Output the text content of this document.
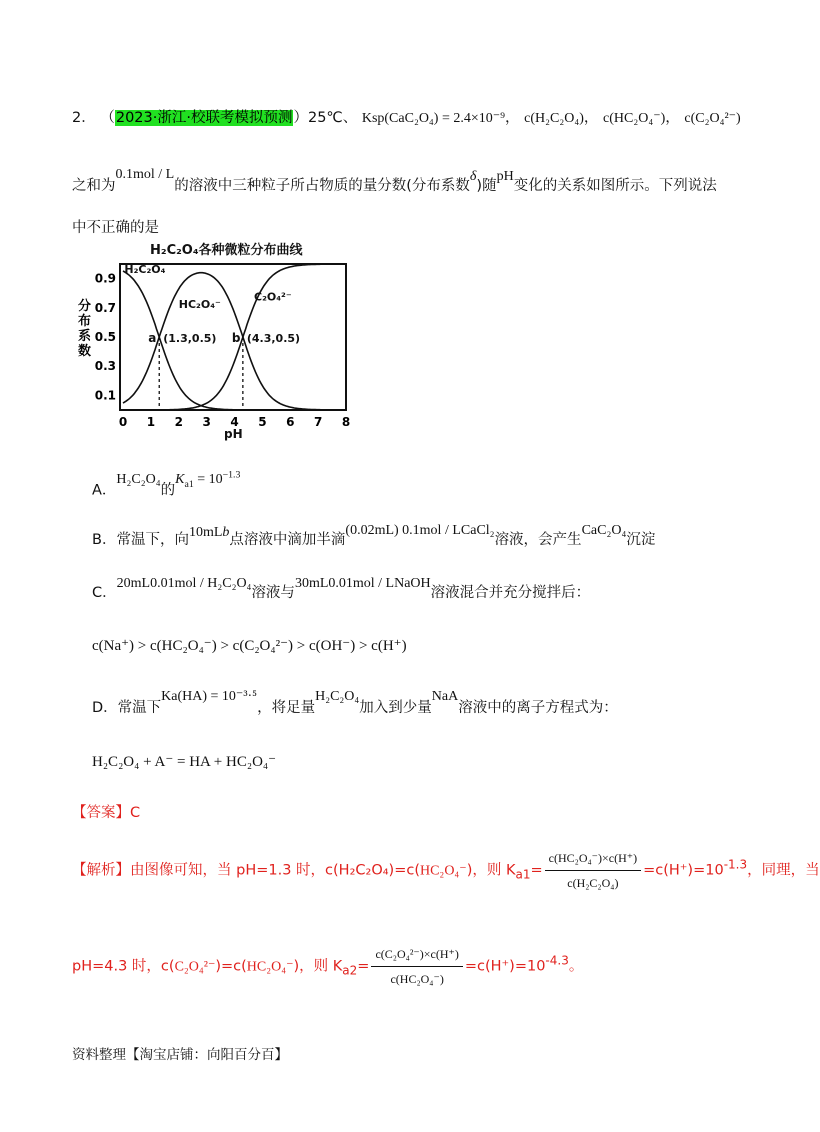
2． （2023·浙江·校联考模拟预测）25℃、 Ksp(CaC₂O₄) = 2.4×10⁻⁹， c(H₂C₂O₄)， c(HC₂O₄⁻)， c(C₂O₄²⁻)
之和为0.1mol / L的溶液中三种粒子所占物质的量分数(分布系数δ)随pH变化的关系如图所示。下列说法
中不正确的是
H₂C₂O₄各种微粒分布曲线
分
布
系
数
0.1
0.3
0.5
0.7
0.9
0 1 2 3 4 5 6 7 8
pH
H₂C₂O₄
HC₂O₄⁻
C₂O₄²⁻
a (1.3,0.5) b (4.3,0.5)
A．H₂C₂O₄的$K_{a1} = 10^{-1.3}$
B．常温下，向10mLb点溶液中滴加半滴(0.02mL) 0.1mol / LCaCl₂溶液，会产生CaC₂O₄沉淀
C．20mL0.01mol / H₂C₂O₄溶液与30mL0.01mol / LNaOH溶液混合并充分搅拌后：
c(Na⁺) > c(HC₂O₄⁻) > c(C₂O₄²⁻) > c(OH⁻) > c(H⁺)
D．常温下Ka(HA) = 10⁻³·⁵，将足量H₂C₂O₄加入到少量NaA溶液中的离子方程式为：
H₂C₂O₄ + A⁻ = HA + HC₂O₄⁻
【答案】C
【解析】由图像可知，当 pH=1.3 时，c(H₂C₂O₄)=c(HC₂O₄⁻)，则 $K_{a1}= \frac{\text{c(HC₂O₄⁻)×c(H⁺)}}{\text{c(H₂C₂O₄)}} =c(H^+)=10^{-1.3}$，同理，当
pH=4.3 时，c(C₂O₄²⁻)=c(HC₂O₄⁻)，则 $K_{a2}= \frac{\text{c(C₂O₄²⁻)×c(H⁺)}}{\text{c(HC₂O₄⁻)}} =c(H^+)=10^{-4.3}$。
资料整理【淘宝店铺：向阳百分百】
